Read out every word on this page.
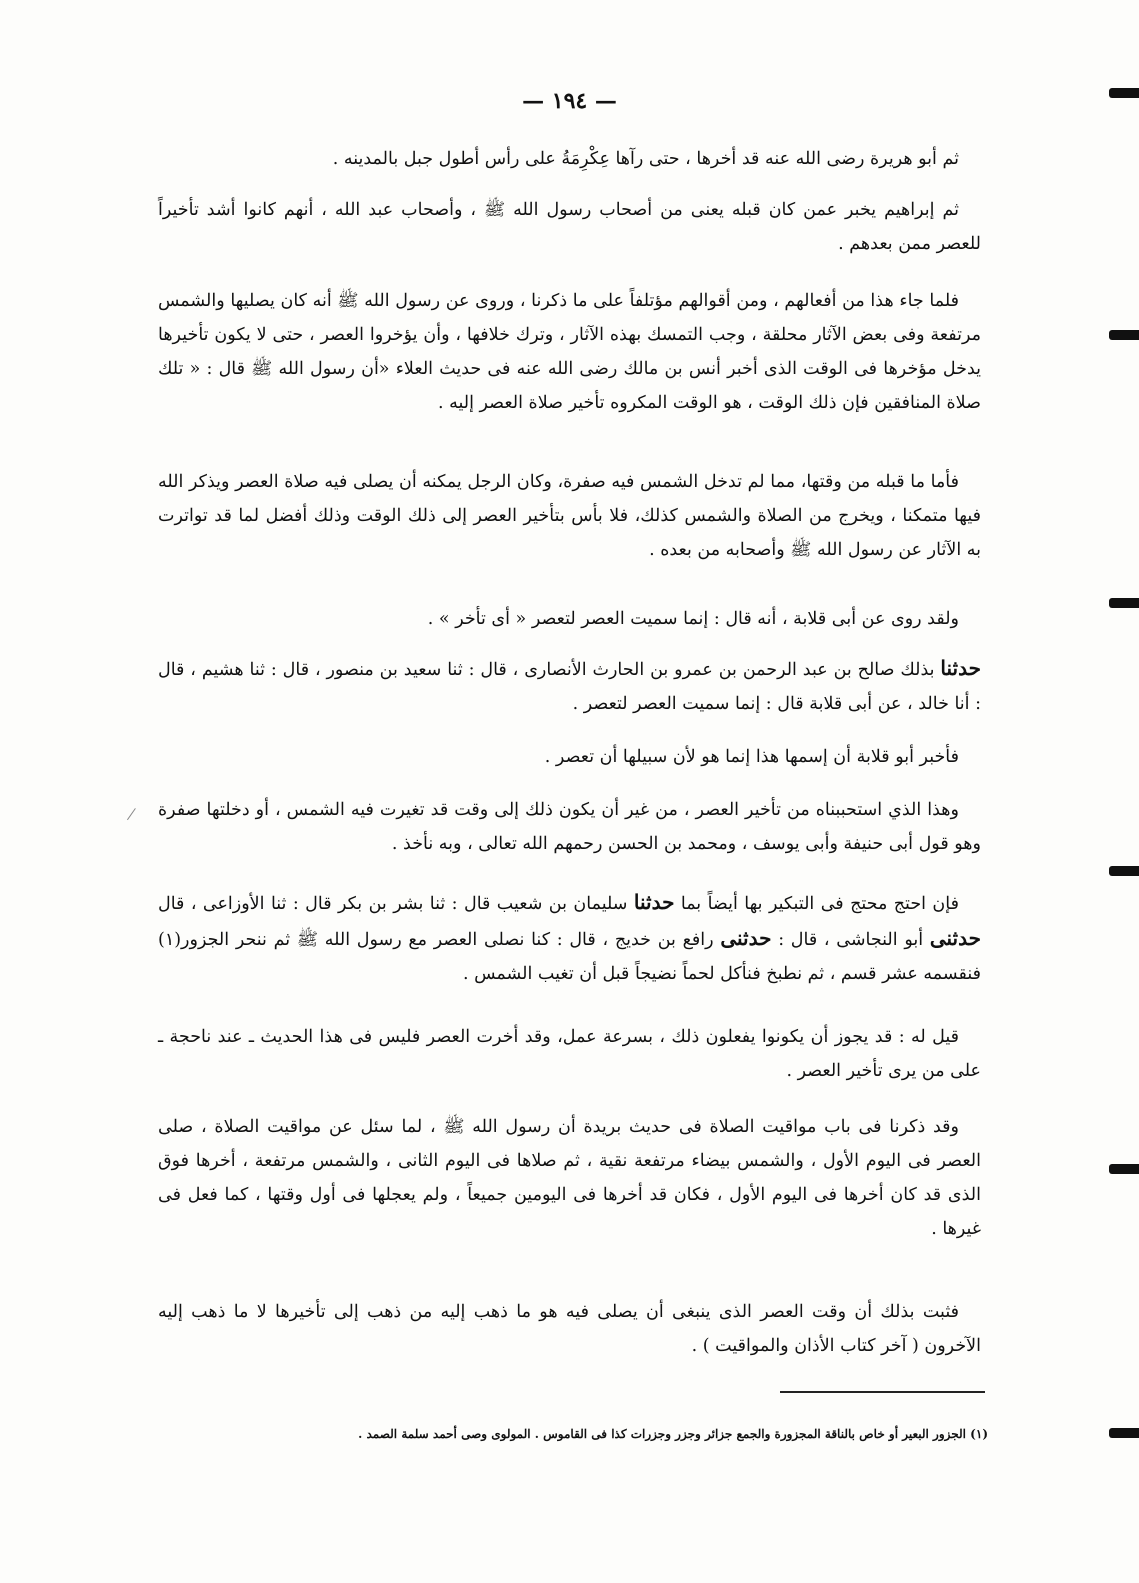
— ١٩٤ —

ثم أبو هريرة رضى الله عنه قد أخرها ، حتى رآها عِكْرِمَةُ على رأس أطول جبل بالمدينه .

ثم إبراهيم يخبر عمن كان قبله يعنى من أصحاب رسول الله ﷺ ، وأصحاب عبد الله ، أنهم كانوا أشد تأخيراً للعصر ممن بعدهم .

فلما جاء هذا من أفعالهم ، ومن أقوالهم مؤتلفاً على ما ذكرنا ، وروى عن رسول الله ﷺ أنه كان يصليها والشمس مرتفعة وفى بعض الآثار محلقة ، وجب التمسك بهذه الآثار ، وترك خلافها ، وأن يؤخروا العصر ، حتى لا يكون تأخيرها يدخل مؤخرها فى الوقت الذى أخبر أنس بن مالك رضى الله عنه فى حديث العلاء «أن رسول الله ﷺ قال : « تلك صلاة المنافقين فإن ذلك الوقت ، هو الوقت المكروه تأخير صلاة العصر إليه .

فأما ما قبله من وقتها، مما لم تدخل الشمس فيه صفرة، وكان الرجل يمكنه أن يصلى فيه صلاة العصر ويذكر الله فيها متمكنا ، ويخرج من الصلاة والشمس كذلك، فلا بأس بتأخير العصر إلى ذلك الوقت وذلك أفضل لما قد تواترت به الآثار عن رسول الله ﷺ وأصحابه من بعده .

ولقد روى عن أبى قلابة ، أنه قال : إنما سميت العصر لتعصر « أى تأخر » .

حدثنا بذلك صالح بن عبد الرحمن بن عمرو بن الحارث الأنصارى ، قال : ثنا سعيد بن منصور ، قال : ثنا هشيم ، قال : أنا خالد ، عن أبى قلابة قال : إنما سميت العصر لتعصر .

فأخبر أبو قلابة أن إسمها هذا إنما هو لأن سبيلها أن تعصر .

وهذا الذي استحببناه من تأخير العصر ، من غير أن يكون ذلك إلى وقت قد تغيرت فيه الشمس ، أو دخلتها صفرة وهو قول أبى حنيفة وأبى يوسف ، ومحمد بن الحسن رحمهم الله تعالى ، وبه نأخذ .

فإن احتج محتج فى التبكير بها أيضاً بما حدثنا سليمان بن شعيب قال : ثنا بشر بن بكر قال : ثنا الأوزاعى ، قال حدثنى أبو النجاشى ، قال : حدثنى رافع بن خديج ، قال : كنا نصلى العصر مع رسول الله ﷺ ثم ننحر الجزور(١) فنقسمه عشر قسم ، ثم نطبخ فنأكل لحماً نضيجاً قبل أن تغيب الشمس .

قيل له : قد يجوز أن يكونوا يفعلون ذلك ، بسرعة عمل، وقد أخرت العصر فليس فى هذا الحديث ـ عند ناحجة ـ على من يرى تأخير العصر .

وقد ذكرنا فى باب مواقيت الصلاة فى حديث بريدة أن رسول الله ﷺ ، لما سئل عن مواقيت الصلاة ، صلى العصر فى اليوم الأول ، والشمس بيضاء مرتفعة نقية ، ثم صلاها فى اليوم الثانى ، والشمس مرتفعة ، أخرها فوق الذى قد كان أخرها فى اليوم الأول ، فكان قد أخرها فى اليومين جميعاً ، ولم يعجلها فى أول وقتها ، كما فعل فى غيرها .

فثبت بذلك أن وقت العصر الذى ينبغى أن يصلى فيه هو ما ذهب إليه من ذهب إلى تأخيرها لا ما ذهب إليه الآخرون ( آخر كتاب الأذان والمواقيت ) .

(١) الجزور البعير أو خاص بالناقة المجزورة والجمع جزائر وجزر وجزرات كذا فى القاموس . المولوى وصى أحمد سلمة الصمد .
